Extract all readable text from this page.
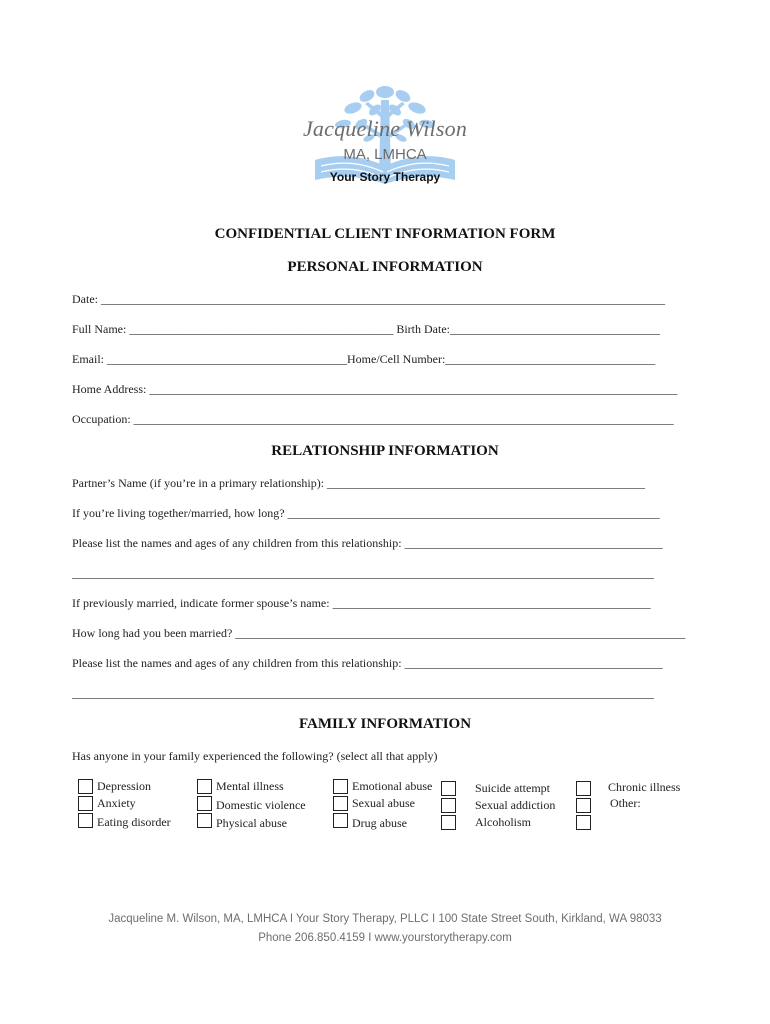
Jacqueline Wilson
MA, LMHCA
Your Story Therapy
CONFIDENTIAL CLIENT INFORMATION FORM
PERSONAL INFORMATION
Date: ______________________________________________________________________________________________
Full Name: ____________________________________________ Birth Date:___________________________________
Email: ________________________________________Home/Cell Number:___________________________________
Home Address: ________________________________________________________________________________________
Occupation: __________________________________________________________________________________________
RELATIONSHIP INFORMATION
Partner’s Name (if you’re in a primary relationship): _____________________________________________________
If you’re living together/married, how long? ______________________________________________________________
Please list the names and ages of any children from this relationship: ___________________________________________
_________________________________________________________________________________________________
If previously married, indicate former spouse’s name: _____________________________________________________
How long had you been married? ___________________________________________________________________________
Please list the names and ages of any children from this relationship: ___________________________________________
_________________________________________________________________________________________________
FAMILY INFORMATION
Has anyone in your family experienced the following? (select all that apply)
Depression
Anxiety
Eating disorder
Mental illness
Domestic violence
Physical abuse
Emotional abuse
Sexual abuse
Drug abuse
Suicide attempt
Sexual addiction
Alcoholism
Chronic illness
Other:
Jacqueline M. Wilson, MA, LMHCA I Your Story Therapy, PLLC I 100 State Street South, Kirkland, WA 98033
Phone 206.850.4159 I www.yourstorytherapy.com
